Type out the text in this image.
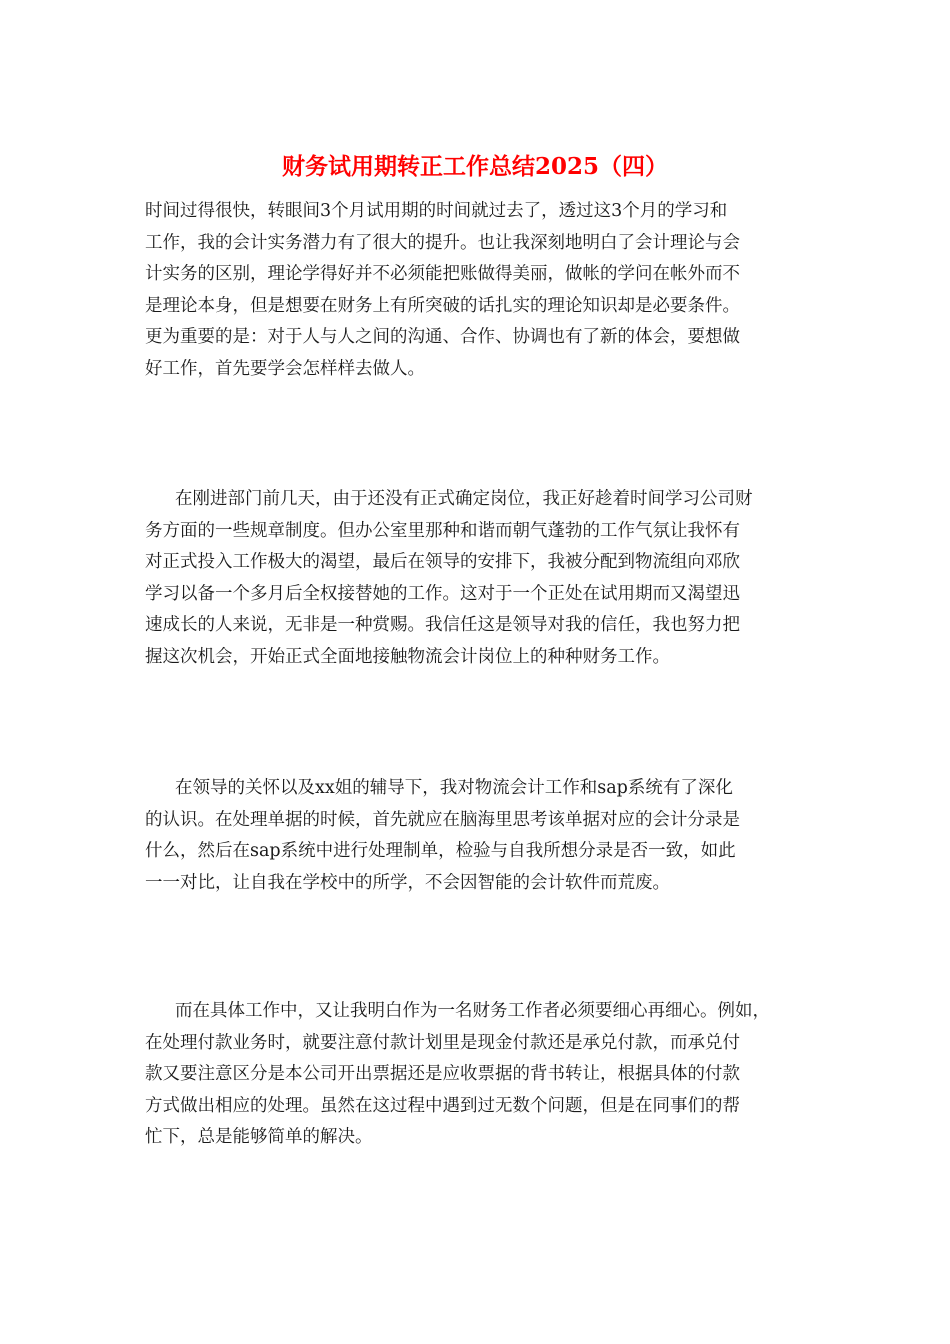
财务试用期转正工作总结2025（四）
时间过得很快，转眼间3个月试用期的时间就过去了，透过这3个月的学习和
工作，我的会计实务潜力有了很大的提升。也让我深刻地明白了会计理论与会
计实务的区别，理论学得好并不必须能把账做得美丽，做帐的学问在帐外而不
是理论本身，但是想要在财务上有所突破的话扎实的理论知识却是必要条件。
更为重要的是：对于人与人之间的沟通、合作、协调也有了新的体会，要想做
好工作，首先要学会怎样样去做人。
在刚进部门前几天，由于还没有正式确定岗位，我正好趁着时间学习公司财
务方面的一些规章制度。但办公室里那种和谐而朝气蓬勃的工作气氛让我怀有
对正式投入工作极大的渴望，最后在领导的安排下，我被分配到物流组向邓欣
学习以备一个多月后全权接替她的工作。这对于一个正处在试用期而又渴望迅
速成长的人来说，无非是一种赏赐。我信任这是领导对我的信任，我也努力把
握这次机会，开始正式全面地接触物流会计岗位上的种种财务工作。
在领导的关怀以及xx姐的辅导下，我对物流会计工作和sap系统有了深化
的认识。在处理单据的时候，首先就应在脑海里思考该单据对应的会计分录是
什么，然后在sap系统中进行处理制单，检验与自我所想分录是否一致，如此
一一对比，让自我在学校中的所学，不会因智能的会计软件而荒废。
而在具体工作中，又让我明白作为一名财务工作者必须要细心再细心。例如，
在处理付款业务时，就要注意付款计划里是现金付款还是承兑付款，而承兑付
款又要注意区分是本公司开出票据还是应收票据的背书转让，根据具体的付款
方式做出相应的处理。虽然在这过程中遇到过无数个问题，但是在同事们的帮
忙下，总是能够简单的解决。
